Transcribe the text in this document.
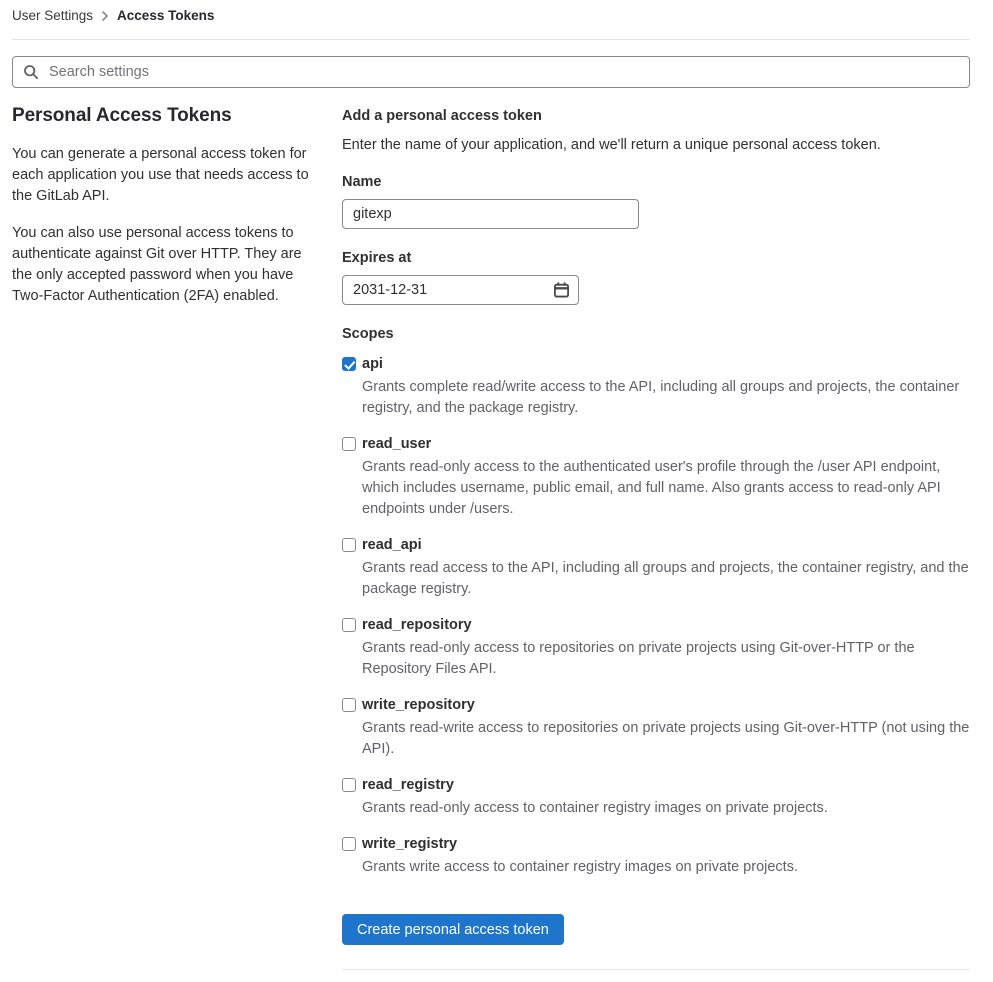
User Settings Access Tokens
Search settings
Personal Access Tokens

You can generate a personal access token for each application you use that needs access to the GitLab API.

You can also use personal access tokens to authenticate against Git over HTTP. They are the only accepted password when you have Two-Factor Authentication (2FA) enabled.

Add a personal access token

Enter the name of your application, and we'll return a unique personal access token.

Name
gitexp
Expires at
2031-12-31
Scopes
api
Grants complete read/write access to the API, including all groups and projects, the container registry, and the package registry.
read_user
Grants read-only access to the authenticated user's profile through the /user API endpoint, which includes username, public email, and full name. Also grants access to read-only API endpoints under /users.
read_api
Grants read access to the API, including all groups and projects, the container registry, and the package registry.
read_repository
Grants read-only access to repositories on private projects using Git-over-HTTP or the Repository Files API.
write_repository
Grants read-write access to repositories on private projects using Git-over-HTTP (not using the API).
read_registry
Grants read-only access to container registry images on private projects.
write_registry
Grants write access to container registry images on private projects.
Create personal access token
